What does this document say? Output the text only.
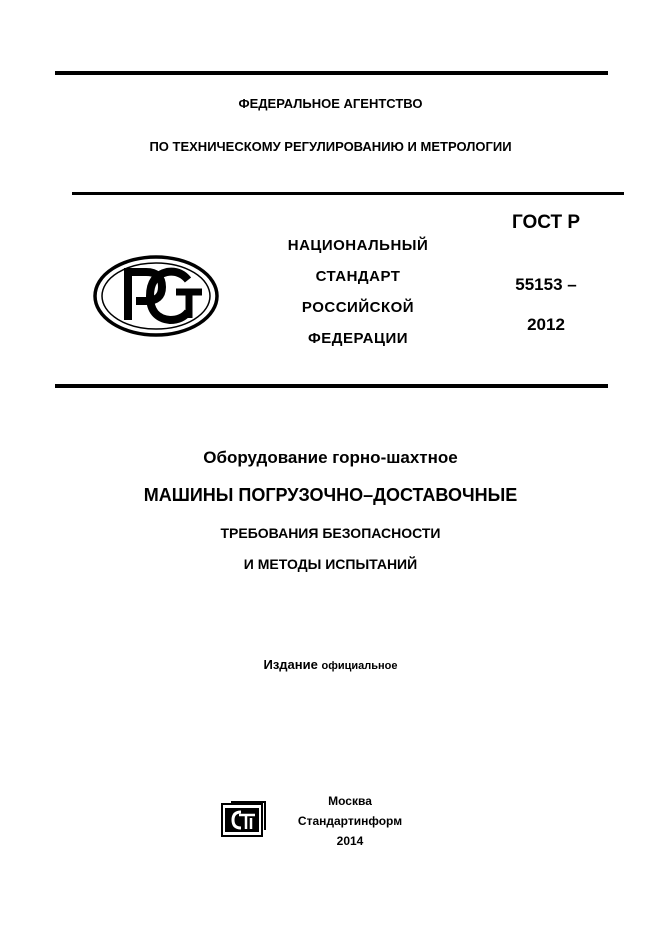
ФЕДЕРАЛЬНОЕ АГЕНТСТВО
ПО ТЕХНИЧЕСКОМУ РЕГУЛИРОВАНИЮ И МЕТРОЛОГИИ
НАЦИОНАЛЬНЫЙ
СТАНДАРТ
РОССИЙСКОЙ
ФЕДЕРАЦИИ
ГОСТ Р
55153 –
2012
Оборудование горно-шахтное
МАШИНЫ ПОГРУЗОЧНО–ДОСТАВОЧНЫЕ
ТРЕБОВАНИЯ БЕЗОПАСНОСТИ
И МЕТОДЫ ИСПЫТАНИЙ
Издание официальное
Москва
Стандартинформ
2014
